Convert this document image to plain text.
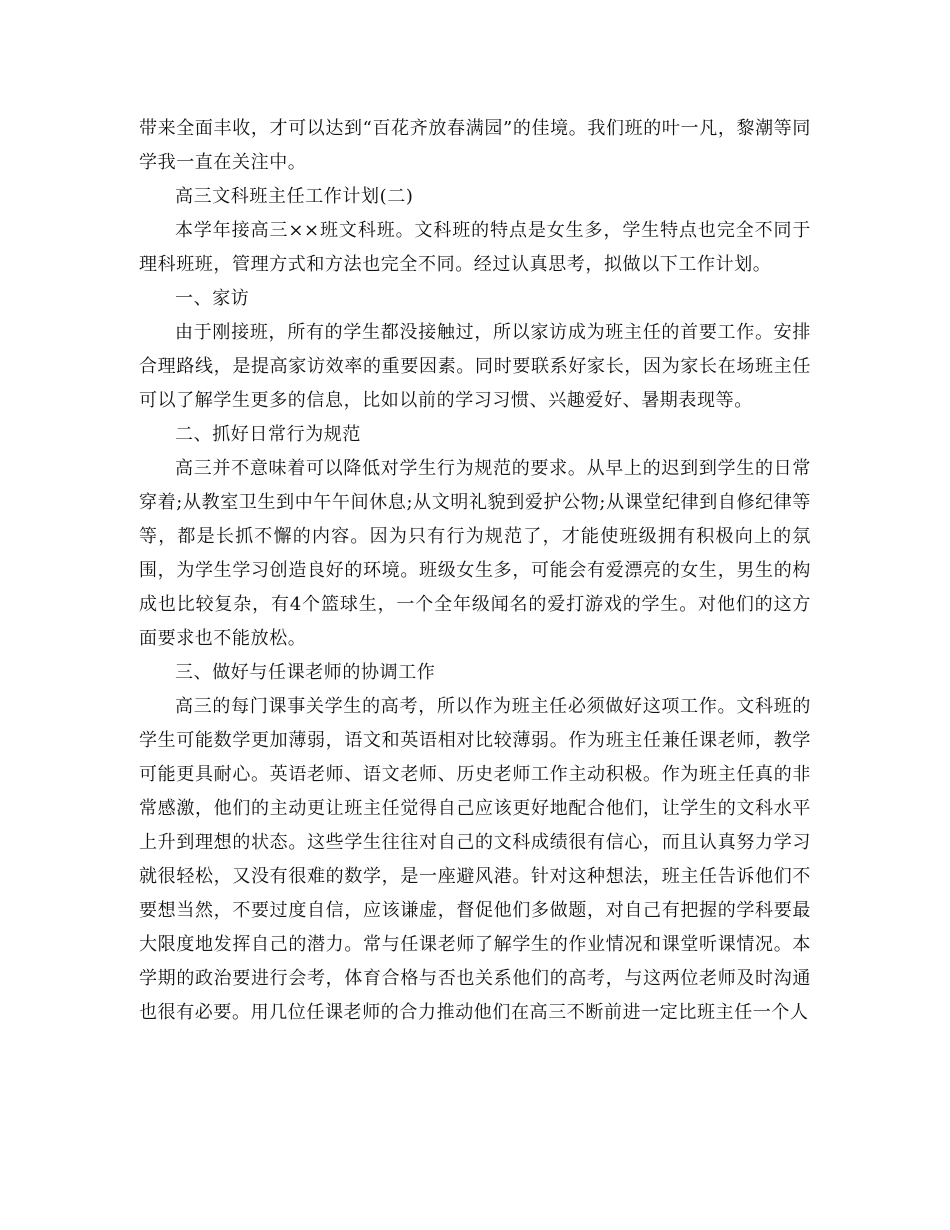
带来全面丰收，才可以达到“百花齐放春满园”的佳境。我们班的叶一凡，黎潮等同学我一直在关注中。

高三文科班主任工作计划(二)

本学年接高三××班文科班。文科班的特点是女生多，学生特点也完全不同于理科班班，管理方式和方法也完全不同。经过认真思考，拟做以下工作计划。

一、家访

由于刚接班，所有的学生都没接触过，所以家访成为班主任的首要工作。安排合理路线，是提高家访效率的重要因素。同时要联系好家长，因为家长在场班主任可以了解学生更多的信息，比如以前的学习习惯、兴趣爱好、暑期表现等。

二、抓好日常行为规范

高三并不意味着可以降低对学生行为规范的要求。从早上的迟到到学生的日常穿着;从教室卫生到中午午间休息;从文明礼貌到爱护公物;从课堂纪律到自修纪律等等，都是长抓不懈的内容。因为只有行为规范了，才能使班级拥有积极向上的氛围，为学生学习创造良好的环境。班级女生多，可能会有爱漂亮的女生，男生的构成也比较复杂，有4个篮球生，一个全年级闻名的爱打游戏的学生。对他们的这方面要求也不能放松。

三、做好与任课老师的协调工作

高三的每门课事关学生的高考，所以作为班主任必须做好这项工作。文科班的学生可能数学更加薄弱，语文和英语相对比较薄弱。作为班主任兼任课老师，教学可能更具耐心。英语老师、语文老师、历史老师工作主动积极。作为班主任真的非常感激，他们的主动更让班主任觉得自己应该更好地配合他们，让学生的文科水平上升到理想的状态。这些学生往往对自己的文科成绩很有信心，而且认真努力学习就很轻松，又没有很难的数学，是一座避风港。针对这种想法，班主任告诉他们不要想当然，不要过度自信，应该谦虚，督促他们多做题，对自己有把握的学科要最大限度地发挥自己的潜力。常与任课老师了解学生的作业情况和课堂听课情况。本学期的政治要进行会考，体育合格与否也关系他们的高考，与这两位老师及时沟通也很有必要。用几位任课老师的合力推动他们在高三不断前进一定比班主任一个人
